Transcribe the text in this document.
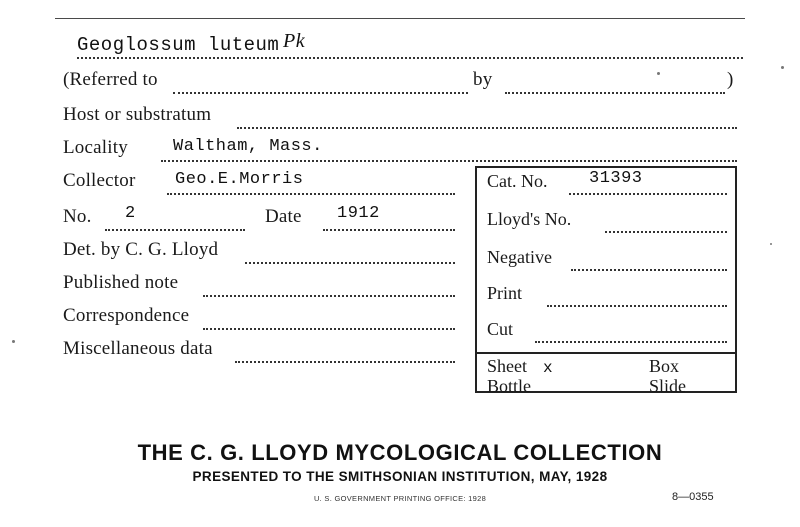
Geoglossum luteum Pk
(Referred to	by	)
Host or substratum
Locality	Waltham, Mass.
Collector Geo.E.Morris
No. 2	Date 1912
Det. by C. G. Lloyd
Published note
Correspondence
Miscellaneous data
Cat. No. 31393
Lloyd's No.
Negative
Print
Cut
Sheet x	Box
Bottle	Slide
THE C. G. LLOYD MYCOLOGICAL COLLECTION
PRESENTED TO THE SMITHSONIAN INSTITUTION, MAY, 1928
U. S. GOVERNMENT PRINTING OFFICE: 1928	8—0355
